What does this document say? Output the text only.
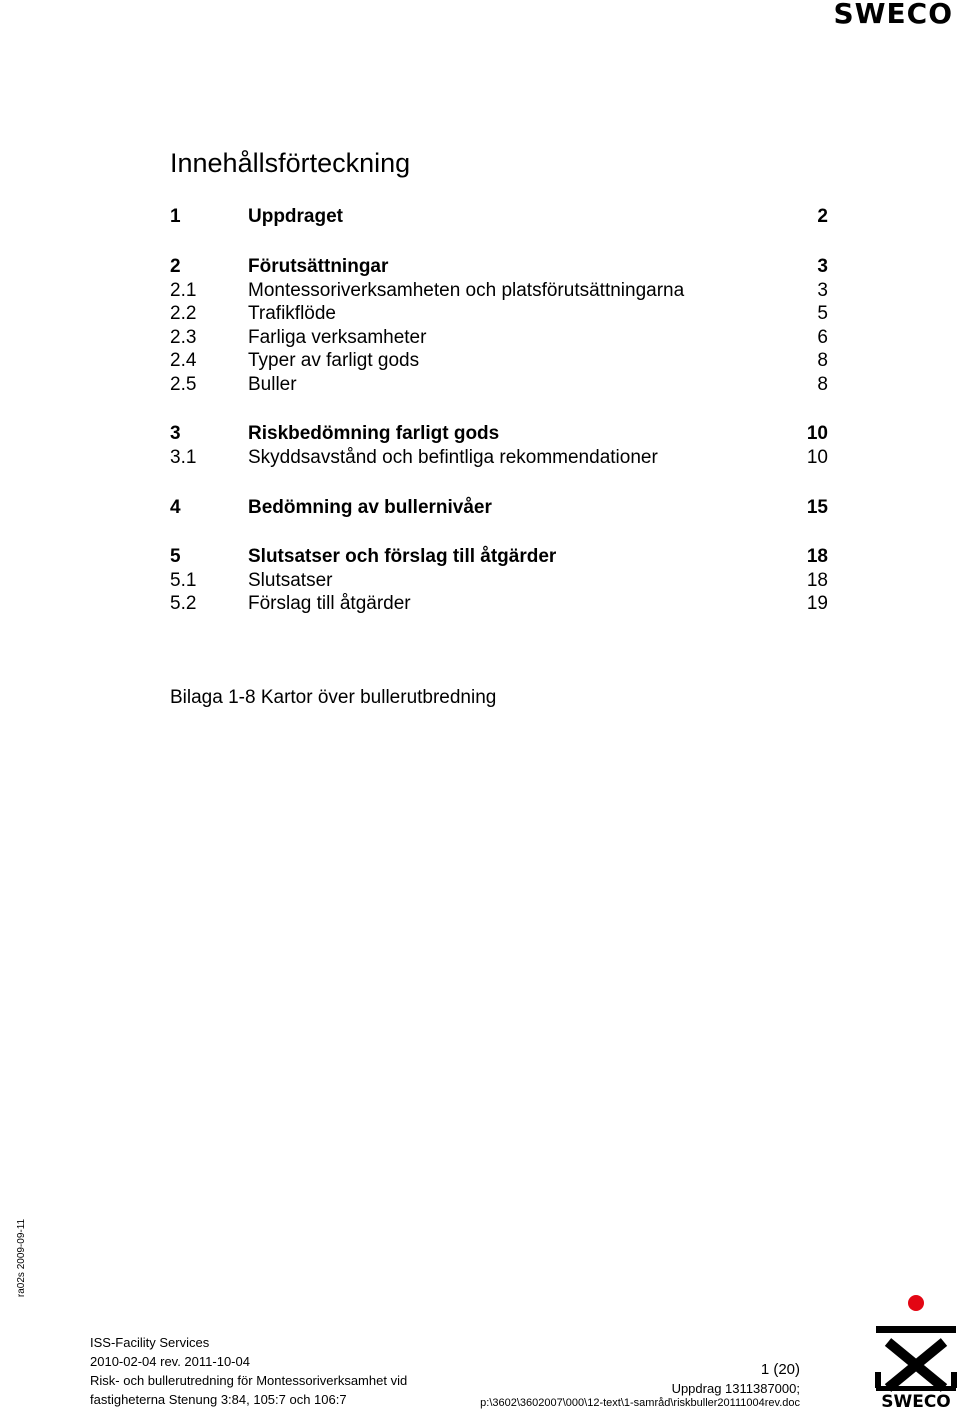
SWECO
Innehållsförteckning
1	Uppdraget	2
2	Förutsättningar	3
2.1	Montessoriverksamheten och platsförutsättningarna	3
2.2	Trafikflöde	5
2.3	Farliga verksamheter	6
2.4	Typer av farligt gods	8
2.5	Buller	8
3	Riskbedömning farligt gods	10
3.1	Skyddsavstånd och befintliga rekommendationer	10
4	Bedömning av bullernivåer	15
5	Slutsatser och förslag till åtgärder	18
5.1	Slutsatser	18
5.2	Förslag till åtgärder	19
Bilaga 1-8 Kartor över bullerutbredning
ra02s 2009-09-11
ISS-Facility Services
2010-02-04 rev. 2011-10-04
Risk- och bullerutredning för Montessoriverksamhet vid
fastigheterna Stenung 3:84, 105:7 och 106:7
1 (20)
Uppdrag 1311387000;
p:\3602\3602007\000\12-text\1-samråd\riskbuller20111004rev.doc	SWECO
